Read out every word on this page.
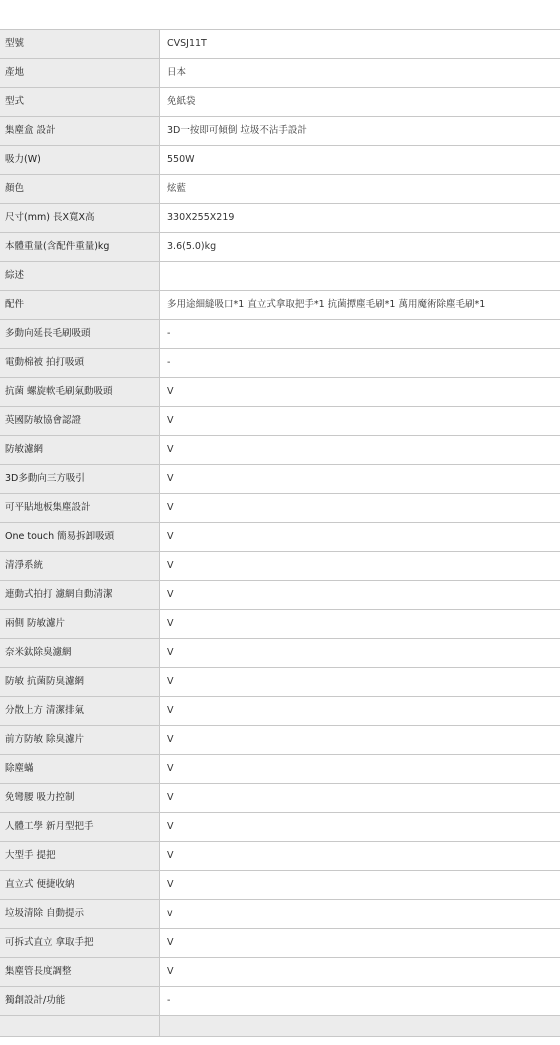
型號	CVSJ11T
產地	日本
型式	免紙袋
集塵盒 設計	3D一按即可傾倒 垃圾不沾手設計
吸力(W)	550W
顏色	炫藍
尺寸(mm) 長X寬X高	330X255X219
本體重量(含配件重量)kg	3.6(5.0)kg
綜述	
配件	多用途細縫吸口*1 直立式拿取把手*1 抗菌撢塵毛刷*1 萬用魔術除塵毛刷*1
多動向延長毛刷吸頭	-
電動棉被 拍打吸頭	-
抗菌 螺旋軟毛刷氣動吸頭	V
英國防敏協會認證	V
防敏濾網	V
3D多動向三方吸引	V
可平貼地板集塵設計	V
One touch 簡易拆卸吸頭	V
清淨系統	V
連動式拍打 濾網自動清潔	V
兩側 防敏濾片	V
奈米鈦除臭濾網	V
防敏 抗菌防臭濾網	V
分散上方 清潔排氣	V
前方防敏 除臭濾片	V
除塵蟎	V
免彎腰 吸力控制	V
人體工學 新月型把手	V
大型手 提把	V
直立式 便捷收納	V
垃圾清除 自動提示	v
可拆式直立 拿取手把	V
集塵管長度調整	V
獨創設計/功能	-
